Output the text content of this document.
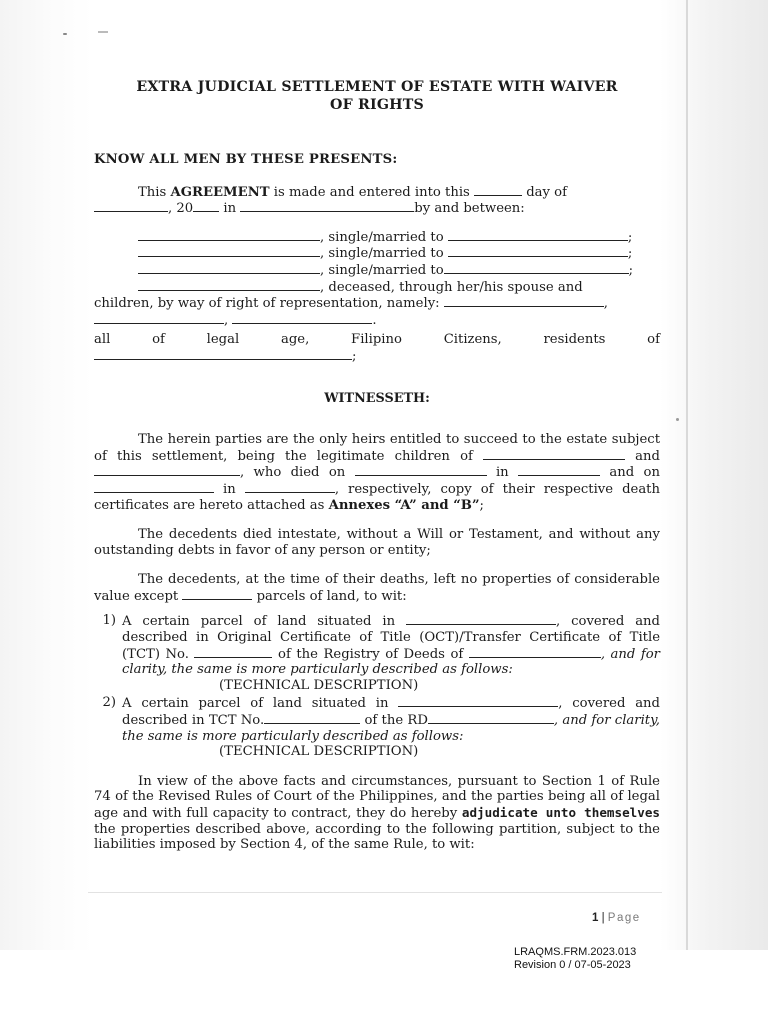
EXTRA JUDICIAL SETTLEMENT OF ESTATE WITH WAIVER
OF RIGHTS
KNOW ALL MEN BY THESE PRESENTS:

This AGREEMENT is made and entered into this	day of

, 20 in	by and between:

, single/married to	;
, single/married to	;
, single/married to	;

, deceased, through her/his spouse and

children, by way of right of representation, namely:	,

,	.

all of legal age, Filipino Citizens, residents of

;
WITNESSETH:

The herein parties are the only heirs entitled to succeed to the estate subject of this settlement, being the legitimate children of	and , who died on	in	and on  in	, respectively, copy of their respective death certificates are hereto attached as Annexes “A” and “B”;

The decedents died intestate, without a Will or Testament, and without any outstanding debts in favor of any person or entity;

The decedents, at the time of their deaths, left no properties of considerable value except	parcels of land, to wit:

1) A certain parcel of land situated in	, covered and described in Original Certificate of Title (OCT)/Transfer Certificate of Title (TCT) No.	of the Registry of Deeds of	, and for clarity, the same is more particularly described as follows:

(TECHNICAL DESCRIPTION)
2) A certain parcel of land situated in	, covered and described in TCT No.	of the RD	, and for clarity, the same is more particularly described as follows:

(TECHNICAL DESCRIPTION)

In view of the above facts and circumstances, pursuant to Section 1 of Rule 74 of the Revised Rules of Court of the Philippines, and the parties being all of legal age and with full capacity to contract, they do hereby adjudicate unto themselves the properties described above, according to the following partition, subject to the liabilities imposed by Section 4, of the same Rule, to wit:

1 | Page
LRAQMS.FRM.2023.013
Revision 0 / 07-05-2023
